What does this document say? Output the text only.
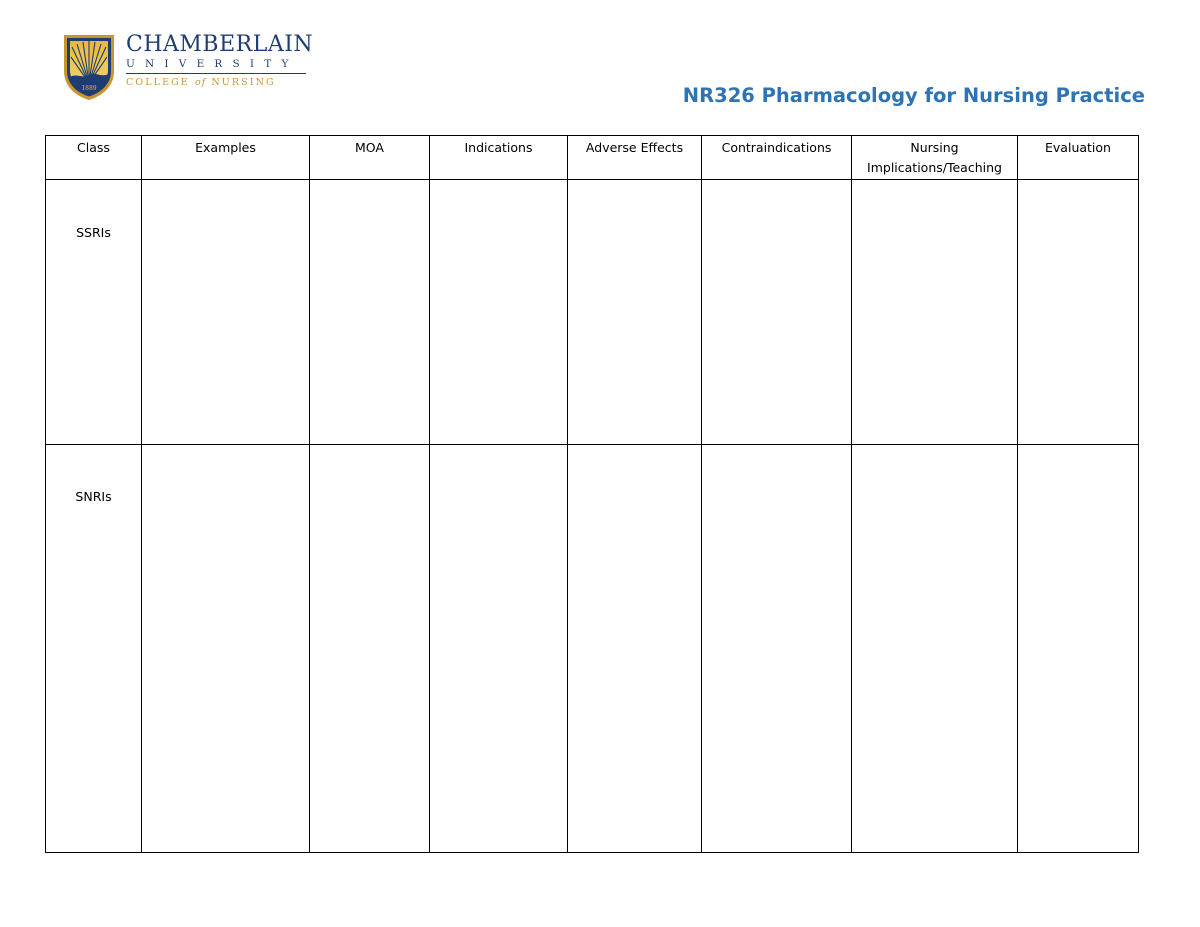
1889
CHAMBERLAIN
UNIVERSITY
COLLEGE of NURSING
NR326 Pharmacology for Nursing Practice
Class	Examples	MOA	Indications	Adverse Effects	Contraindications	Nursing Implications/Teaching	Evaluation

SSRIs							

SNRIs							
